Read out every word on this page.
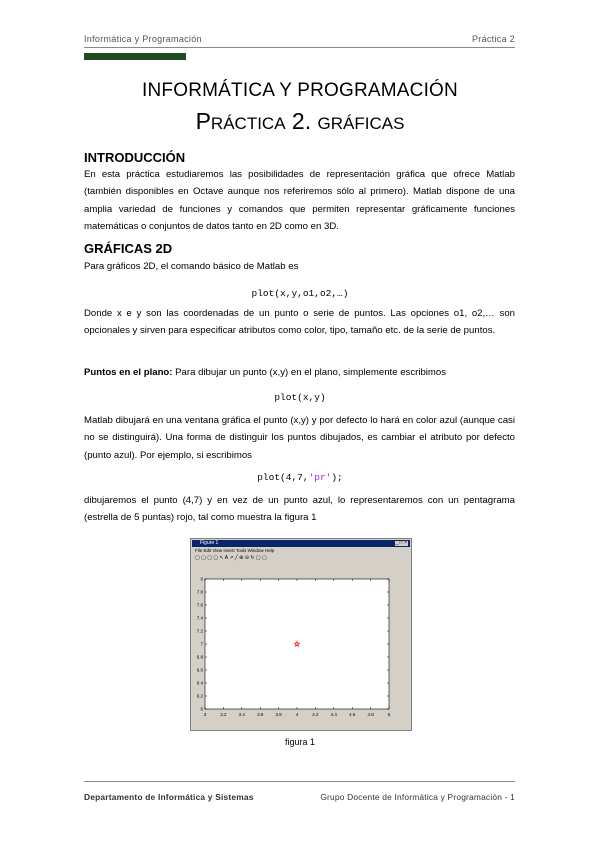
Informática y Programación	Práctica 2
INFORMÁTICA Y PROGRAMACIÓN
PRÁCTICA 2. GRÁFICAS
INTRODUCCIÓN
En esta práctica estudiaremos las posibilidades de representación gráfica que ofrece Matlab (también disponibles en Octave aunque nos referiremos sólo al primero). Matlab dispone de una amplia variedad de funciones y comandos que permiten representar gráficamente funciones matemáticas o conjuntos de datos tanto en 2D como en 3D.
GRÁFICAS 2D
Para gráficos 2D, el comando básico de Matlab es
plot(x,y,o1,o2,…)
Donde x e y son las coordenadas de un punto o serie de puntos. Las opciones o1, o2,… son opcionales y sirven para especificar atributos como color, tipo, tamaño etc. de la serie de puntos.
Puntos en el plano: Para dibujar un punto (x,y) en el plano, simplemente escribimos
plot(x,y)
Matlab dibujará en una ventana gráfica el punto (x,y) y por defecto lo hará en color azul (aunque casi no se distinguirá). Una forma de distinguir los puntos dibujados, es cambiar el atributo por defecto (punto azul). Por ejemplo, si escribimos
plot(4,7,'pr');
dibujaremos el punto (4,7) y en vez de un punto azul, lo representaremos con un pentagrama (estrella de 5 puntas) rojo, tal como muestra la figura 1
Figure 1	_ □ ×
File Edit View Insert Tools Window Help
▢ ▢ ▢ ▢ ↖ A ↗ ╱ ⊕ ⊖ ↻ ▢ ▢
3	3.2	3.4	3.6	3.8	4	4.2	4.4	4.6	4.8	5
6
6.2
6.4
6.6
6.8
7
7.2
7.4
7.6
7.8
8
figura 1
Departamento de Informática y Sistemas	Grupo Docente de Informática y Programación - 1
